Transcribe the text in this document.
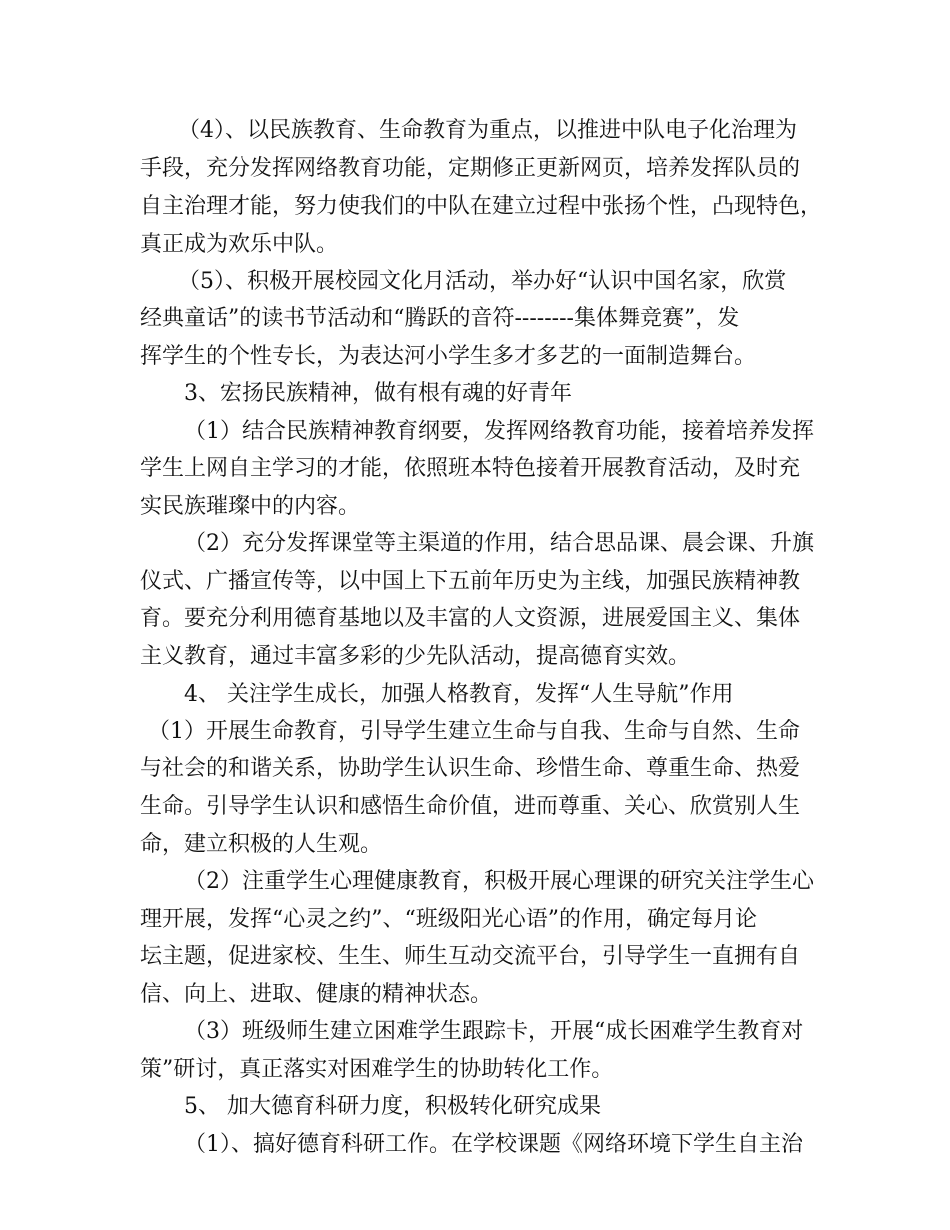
（4）、以民族教育、生命教育为重点，以推进中队电子化治理为
手段，充分发挥网络教育功能，定期修正更新网页，培养发挥队员的
自主治理才能，努力使我们的中队在建立过程中张扬个性，凸现特色，
真正成为欢乐中队。
（5）、积极开展校园文化月活动，举办好“认识中国名家，欣赏
经典童话”的读书节活动和“腾跃的音符--------集体舞竞赛”，发
挥学生的个性专长，为表达河小学生多才多艺的一面制造舞台。
3、宏扬民族精神，做有根有魂的好青年
（1）结合民族精神教育纲要，发挥网络教育功能，接着培养发挥
学生上网自主学习的才能，依照班本特色接着开展教育活动，及时充
实民族璀璨中的内容。
（2）充分发挥课堂等主渠道的作用，结合思品课、晨会课、升旗
仪式、广播宣传等，以中国上下五前年历史为主线，加强民族精神教
育。要充分利用德育基地以及丰富的人文资源，进展爱国主义、集体
主义教育，通过丰富多彩的少先队活动，提高德育实效。
4、 关注学生成长，加强人格教育，发挥“人生导航”作用
（1）开展生命教育，引导学生建立生命与自我、生命与自然、生命
与社会的和谐关系，协助学生认识生命、珍惜生命、尊重生命、热爱
生命。引导学生认识和感悟生命价值，进而尊重、关心、欣赏别人生
命，建立积极的人生观。
（2）注重学生心理健康教育，积极开展心理课的研究关注学生心
理开展，发挥“心灵之约”、“班级阳光心语”的作用，确定每月论
坛主题，促进家校、生生、师生互动交流平台，引导学生一直拥有自
信、向上、进取、健康的精神状态。
（3）班级师生建立困难学生跟踪卡，开展“成长困难学生教育对
策”研讨，真正落实对困难学生的协助转化工作。
5、 加大德育科研力度，积极转化研究成果
（1）、搞好德育科研工作。在学校课题《网络环境下学生自主治
